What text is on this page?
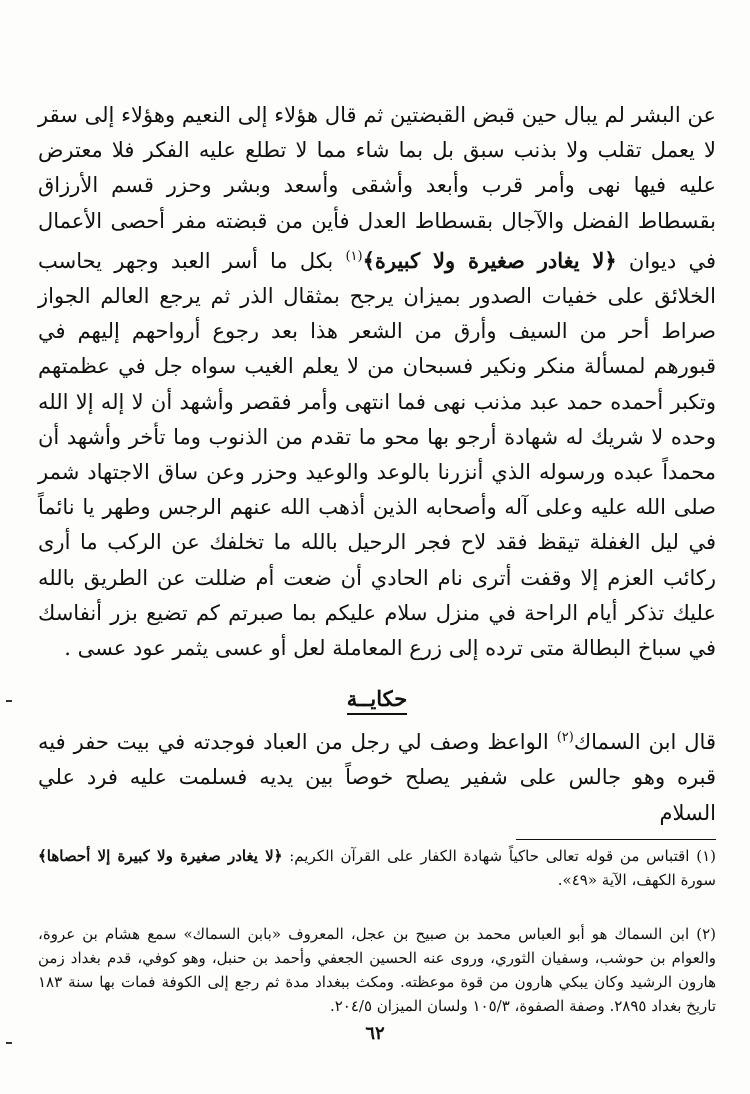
عن البشر لم يبال حين قبض القبضتين ثم قال هؤلاء إلى النعيم وهؤلاء إلى سقر لا يعمل تقلب ولا بذنب سبق بل بما شاء مما لا تطلع عليه الفكر فلا معترض عليه فيها نهى وأمر قرب وأبعد وأشقى وأسعد وبشر وحزر قسم الأرزاق بقسطاط الفضل والآجال بقسطاط العدل فأين من قبضته مفر أحصى الأعمال في ديوان ﴿لا يغادر صغيرة ولا كبيرة﴾$^{(١)}$ بكل ما أسر العبد وجهر يحاسب الخلائق على خفيات الصدور بميزان يرجح بمثقال الذر ثم يرجع العالم الجواز صراط أحر من السيف وأرق من الشعر هذا بعد رجوع أرواحهم إليهم في قبورهم لمسألة منكر ونكير فسبحان من لا يعلم الغيب سواه جل في عظمتهم وتكبر أحمده حمد عبد مذنب نهى فما انتهى وأمر فقصر وأشهد أن لا إله إلا الله وحده لا شريك له شهادة أرجو بها محو ما تقدم من الذنوب وما تأخر وأشهد أن محمداً عبده ورسوله الذي أنزرنا بالوعد والوعيد وحزر وعن ساق الاجتهاد شمر صلى الله عليه وعلى آله وأصحابه الذين أذهب الله عنهم الرجس وطهر يا نائماً في ليل الغفلة تيقظ فقد لاح فجر الرحيل بالله ما تخلفك عن الركب ما أرى ركائب العزم إلا وقفت أترى نام الحادي أن ضعت أم ضللت عن الطريق بالله عليك تذكر أيام الراحة في منزل سلام عليكم بما صبرتم كم تضيع بزر أنفاسك في سباخ البطالة متى ترده إلى زرع المعاملة لعل أو عسى يثمر عود عسى .

حكايــة

قال ابن السماك$^{(٢)}$ الواعظ وصف لي رجل من العباد فوجدته في بيت حفر فيه قبره وهو جالس على شفير يصلح خوصاً بين يديه فسلمت عليه فرد علي السلام

(١) اقتباس من قوله تعالى حاكياً شهادة الكفار على القرآن الكريم: ﴿لا يغادر صغيرة ولا كبيرة إلا أحصاها﴾ سورة الكهف، الآية «٤٩».

(٢) ابن السماك هو أبو العباس محمد بن صبيح بن عجل، المعروف «بابن السماك» سمع هشام بن عروة، والعوام بن حوشب، وسفيان الثوري، وروى عنه الحسين الجعفي وأحمد بن حنبل، وهو كوفي، قدم بغداد زمن هارون الرشيد وكان يبكي هارون من قوة موعظته. ومكث ببغداد مدة ثم رجع إلى الكوفة فمات بها سنة ١٨٣ تاريخ بغداد ٢٨٩٥. وصفة الصفوة، ١٠٥/٣ ولسان الميزان ٢٠٤/٥.

٦٢
